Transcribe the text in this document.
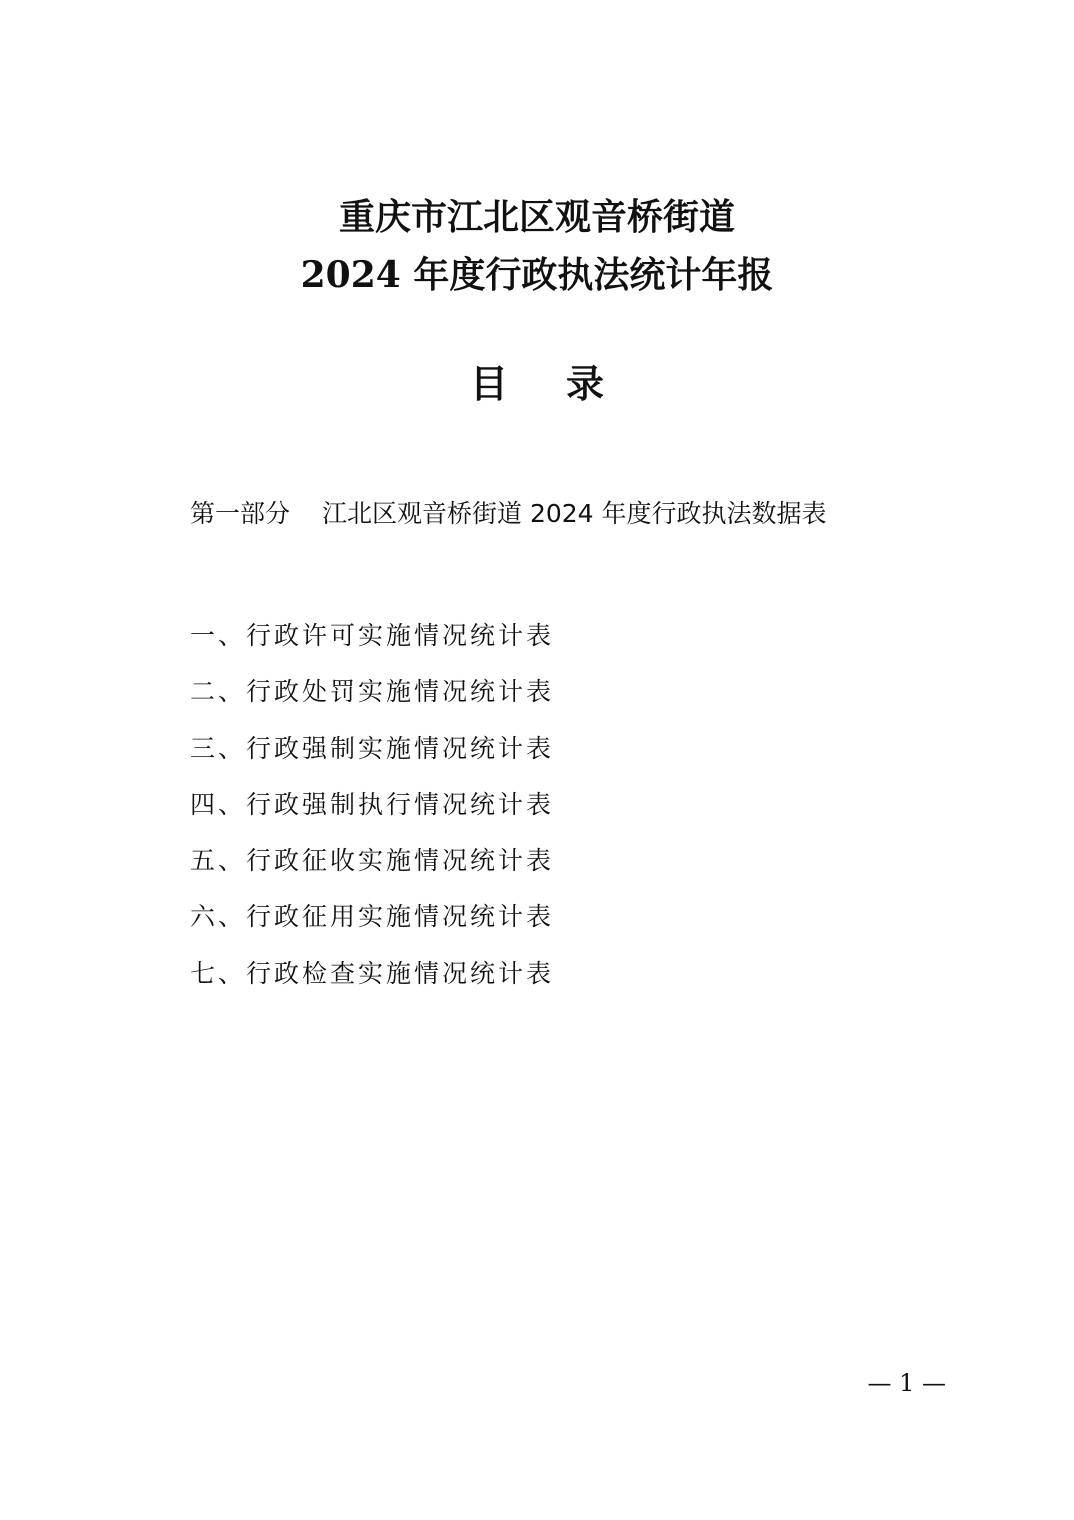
重庆市江北区观音桥街道
2024 年度行政执法统计年报
目 录
第一部分 江北区观音桥街道 2024 年度行政执法数据表
一、行政许可实施情况统计表
二、行政处罚实施情况统计表
三、行政强制实施情况统计表
四、行政强制执行情况统计表
五、行政征收实施情况统计表
六、行政征用实施情况统计表
七、行政检查实施情况统计表
— 1 —
